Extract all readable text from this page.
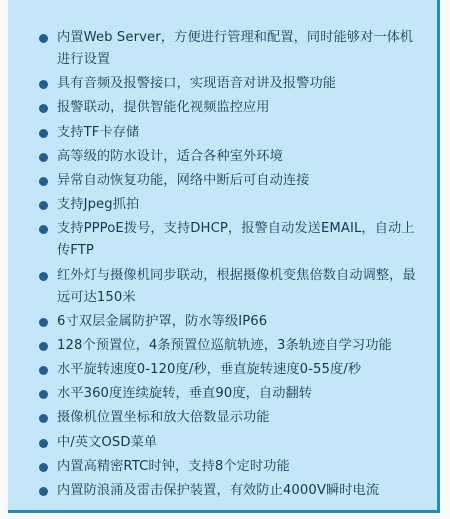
内置Web Server，方便进行管理和配置，同时能够对一体机进行设置
具有音频及报警接口，实现语音对讲及报警功能
报警联动，提供智能化视频监控应用
支持TF卡存储
高等级的防水设计，适合各种室外环境
异常自动恢复功能，网络中断后可自动连接
支持Jpeg抓拍
支持PPPoE拨号，支持DHCP，报警自动发送EMAIL，自动上传FTP
红外灯与摄像机同步联动，根据摄像机变焦倍数自动调整，最远可达150米
6寸双层金属防护罩，防水等级IP66
128个预置位，4条预置位巡航轨迹，3条轨迹自学习功能
水平旋转速度0-120度/秒，垂直旋转速度0-55度/秒
水平360度连续旋转，垂直90度，自动翻转
摄像机位置坐标和放大倍数显示功能
中/英文OSD菜单
内置高精密RTC时钟，支持8个定时功能
内置防浪涌及雷击保护装置，有效防止4000V瞬时电流
